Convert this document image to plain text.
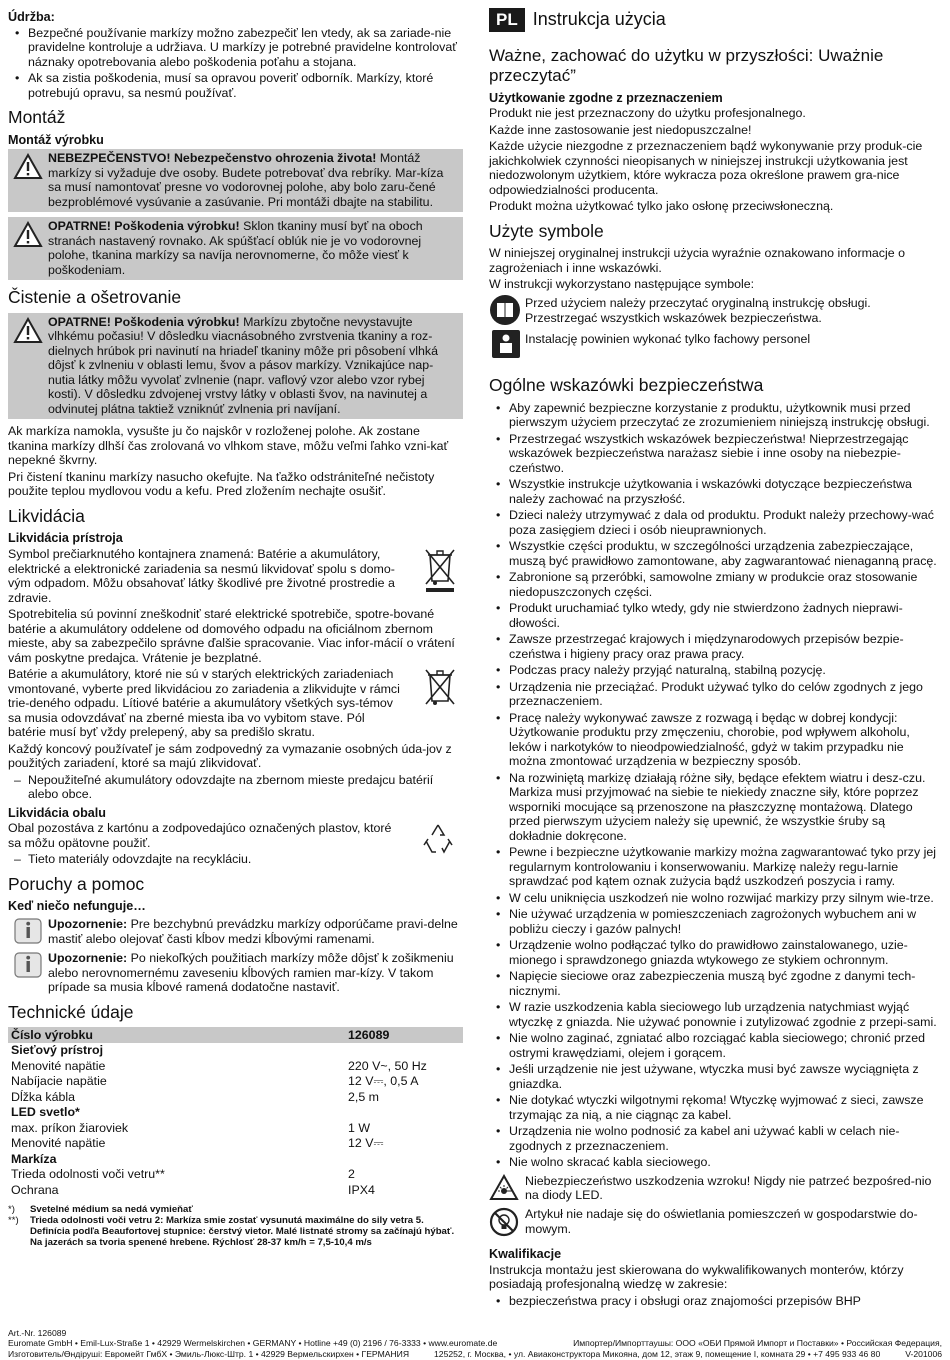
Údržba:
• Bezpečné používanie markízy možno zabezpečiť len vtedy, ak sa zariade-nie pravidelne kontroluje a udržiava. U markízy je potrebné pravidelne kontrolovať náznaky opotrebovania alebo poškodenia poťahu a stojana.
• Ak sa zistia poškodenia, musí sa opravou poveriť odborník. Markízy, ktoré potrebujú opravu, sa nesmú používať.
Montáž
Montáž výrobku
NEBEZPEČENSTVO! Nebezpečenstvo ohrozenia života! Montáž markízy si vyžaduje dve osoby. Budete potrebovať dva rebríky. Mar-kíza sa musí namontovať presne vo vodorovnej polohe, aby bolo zaru-čené bezproblémové vysúvanie a zasúvanie. Pri montáži dbajte na stabilitu.
OPATRNE! Poškodenia výrobku! Sklon tkaniny musí byť na oboch stranách nastavený rovnako. Ak spúšťací oblúk nie je vo vodorovnej polohe, tkanina markízy sa navíja nerovnomerne, čo môže viesť k poškodeniam.
Čistenie a ošetrovanie
OPATRNE! Poškodenia výrobku! Markízu zbytočne nevystavujte vlhkému počasiu! V dôsledku viacnásobného zvrstvenia tkaniny a roz-dielnych hrúbok pri navinutí na hriadeľ tkaniny môže pri pôsobení vlhká dôjsť k zvlneniu v oblasti lemu, švov a pásov markízy. Vznikajúce nap-nutia látky môžu vyvolať zvlnenie (napr. vaflový vzor alebo vzor rybej kosti). V dôsledku zdvojenej vrstvy látky v oblasti švov, na navinutej a odvinutej plátna taktiež vzniknúť zvlnenia pri navíjaní.

Ak markíza namokla, vysušte ju čo najskôr v rozloženej polohe. Ak zostane tkanina markízy dlhší čas zrolovaná vo vlhkom stave, môžu veľmi ľahko vzni-kať nepekné škvrny.

Pri čistení tkaninu markízy nasucho okefujte. Na ťažko odstrániteľné nečistoty použite teplou mydlovou vodu a kefu. Pred zložením nechajte osušiť.

Likvidácia
Likvidácia prístroja

Symbol prečiarknutého kontajnera znamená: Batérie a akumulátory, elektrické a elektronické zariadenia sa nesmú likvidovať spolu s domo-vým odpadom. Môžu obsahovať látky škodlivé pre životné prostredie a zdravie.

Spotrebitelia sú povinní zneškodniť staré elektrické spotrebiče, spotre-bované batérie a akumulátory oddelene od domového odpadu na oficiálnom zbernom mieste, aby sa zabezpečilo správne ďalšie spracovanie. Viac infor-mácií o vrátení vám poskytne predajca. Vrátenie je bezplatné.

Batérie a akumulátory, ktoré nie sú v starých elektrických zariadeniach vmontované, vyberte pred likvidáciou zo zariadenia a zlikvidujte v rámci trie-deného odpadu. Lítiové batérie a akumulátory všetkých sys-témov sa musia odovzdávať na zberné miesta iba vo vybitom stave. Pól batérie musí byť vždy prelepený, aby sa predišlo skratu.

Každý koncový používateľ je sám zodpovedný za vymazanie osobných úda-jov z použitých zariadení, ktoré sa majú zlikvidovať.

– Nepoužiteľné akumulátory odovzdajte na zbernom mieste predajcu batérií alebo obce.
Likvidácia obalu

Obal pozostáva z kartónu a zodpovedajúco označených plastov, ktoré sa môžu opätovne použiť.

– Tieto materiály odovzdajte na recykláciu.
Poruchy a pomoc
Keď niečo nefunguje…
Upozornenie: Pre bezchybnú prevádzku markízy odporúčame pravi-delne mastiť alebo olejovať časti kĺbov medzi kĺbovými ramenami.
Upozornenie: Po niekoľkých použitiach markízy môže dôjsť k zošikmeniu alebo nerovnomernému zaveseniu kĺbových ramien mar-kízy. V takom prípade sa musia kĺbové ramená dodatočne nastaviť.
Technické údaje
Číslo výrobku	126089
Sieťový prístroj	
Menovité napätie	220 V~, 50 Hz
Nabíjacie napätie	12 V⎓, 0,5 A
Dĺžka kábla	2,5 m
LED svetlo*	
max. príkon žiaroviek	1 W
Menovité napätie	12 V⎓
Markíza	
Trieda odolnosti voči vetru**	2
Ochrana	IPX4
*)	Svetelné médium sa nedá vymieňať
**)	Trieda odolnosti voči vetru 2: Markíza smie zostať vysunutá maximálne do sily vetra 5. Definícia podľa Beaufortovej stupnice: čerstvý vietor. Malé listnaté stromy sa začínajú hýbať. Na jazerách sa tvoria spenené hrebene. Rýchlosť 28-37 km/h = 7,5-10,4 m/s
PL Instrukcja użycia
Ważne, zachować do użytku w przyszłości: Uważnie przeczytać”
Użytkowanie zgodne z przeznaczeniem

Produkt nie jest przeznaczony do użytku profesjonalnego.

Każde inne zastosowanie jest niedopuszczalne!

Każde użycie niezgodne z przeznaczeniem bądź wykonywanie przy produk-cie jakichkolwiek czynności nieopisanych w niniejszej instrukcji użytkowania jest niedozwolonym użytkiem, które wykracza poza określone prawem gra-nice odpowiedzialności producenta.

Produkt można użytkować tylko jako osłonę przeciwsłoneczną.

Użyte symbole

W niniejszej oryginalnej instrukcji użycia wyraźnie oznakowano informacje o zagrożeniach i inne wskazówki.

W instrukcji wykorzystano następujące symbole:

Przed użyciem należy przeczytać oryginalną instrukcję obsługi.
Przestrzegać wszystkich wskazówek bezpieczeństwa.
Instalację powinien wykonać tylko fachowy personel
Ogólne wskazówki bezpieczeństwa
• Aby zapewnić bezpieczne korzystanie z produktu, użytkownik musi przed pierwszym użyciem przeczytać ze zrozumieniem niniejszą instrukcję obsługi.
• Przestrzegać wszystkich wskazówek bezpieczeństwa! Nieprzestrzegając wskazówek bezpieczeństwa narażasz siebie i inne osoby na niebezpie-czeństwo.
• Wszystkie instrukcje użytkowania i wskazówki dotyczące bezpieczeństwa należy zachować na przyszłość.
• Dzieci należy utrzymywać z dala od produktu. Produkt należy przechowy-wać poza zasięgiem dzieci i osób nieuprawnionych.
• Wszystkie części produktu, w szczególności urządzenia zabezpieczające, muszą być prawidłowo zamontowane, aby zagwarantować nienaganną pracę.
• Zabronione są przeróbki, samowolne zmiany w produkcie oraz stosowanie niedopuszczonych części.
• Produkt uruchamiać tylko wtedy, gdy nie stwierdzono żadnych nieprawi-dłowości.
• Zawsze przestrzegać krajowych i międzynarodowych przepisów bezpie-czeństwa i higieny pracy oraz prawa pracy.
• Podczas pracy należy przyjąć naturalną, stabilną pozycję.
• Urządzenia nie przeciążać. Produkt używać tylko do celów zgodnych z jego przeznaczeniem.
• Pracę należy wykonywać zawsze z rozwagą i będąc w dobrej kondycji: Użytkowanie produktu przy zmęczeniu, chorobie, pod wpływem alkoholu, leków i narkotyków to nieodpowiedzialność, gdyż w takim przypadku nie można zmontować urządzenia w bezpieczny sposób.
• Na rozwiniętą markizę działają różne siły, będące efektem wiatru i desz-czu. Markiza musi przyjmować na siebie te niekiedy znaczne siły, które poprzez wsporniki mocujące są przenoszone na płaszczyznę montażową. Dlatego przed pierwszym użyciem należy się upewnić, że wszystkie śruby są dokładnie dokręcone.
• Pewne i bezpieczne użytkowanie markizy można zagwarantować tyko przy jej regularnym kontrolowaniu i konserwowaniu. Markizę należy regu-larnie sprawdzać pod kątem oznak zużycia bądź uszkodzeń poszycia i ramy.
• W celu uniknięcia uszkodzeń nie wolno rozwijać markizy przy silnym wie-trze.
• Nie używać urządzenia w pomieszczeniach zagrożonych wybuchem ani w pobliżu cieczy i gazów palnych!
• Urządzenie wolno podłączać tylko do prawidłowo zainstalowanego, uzie-mionego i sprawdzonego gniazda wtykowego ze stykiem ochronnym.
• Napięcie sieciowe oraz zabezpieczenia muszą być zgodne z danymi tech-nicznymi.
• W razie uszkodzenia kabla sieciowego lub urządzenia natychmiast wyjąć wtyczkę z gniazda. Nie używać ponownie i zutylizować zgodnie z przepi-sami.
• Nie wolno zaginać, zgniatać albo rozciągać kabla sieciowego; chronić przed ostrymi krawędziami, olejem i gorącem.
• Jeśli urządzenie nie jest używane, wtyczka musi być zawsze wyciągnięta z gniazdka.
• Nie dotykać wtyczki wilgotnymi rękoma! Wtyczkę wyjmować z sieci, zawsze trzymając za nią, a nie ciągnąc za kabel.
• Urządzenia nie wolno podnosić za kabel ani używać kabli w celach nie-zgodnych z przeznaczeniem.
• Nie wolno skracać kabla sieciowego.
Niebezpieczeństwo uszkodzenia wzroku! Nigdy nie patrzeć bezpośred-nio na diody LED.
Artykuł nie nadaje się do oświetlania pomieszczeń w gospodarstwie do-mowym.
Kwalifikacje

Instrukcja montażu jest skierowana do wykwalifikowanych monterów, którzy posiadają profesjonalną wiedzę w zakresie:

• bezpieczeństwa pracy i obsługi oraz znajomości przepisów BHP
Art.-Nr. 126089
Euromate GmbH • Emil-Lux-Straße 1 • 42929 Wermelskirchen • GERMANY • Hotline +49 (0) 2196 / 76-3333 • www.euromate.de	Импортер/Импорттаушы: ООО «ОБИ Прямой Импорт и Поставки» • Российская Федерация,
Изготовитель/Өндіруші: Евромейт ГмбХ • Эмиль-Люкс-Штр. 1 • 42929 Вермельскирхен • ГЕРМАНИЯ	125252, г. Москва, • ул. Авиаконструктора Микояна, дом 12, этаж 9, помещение I, комната 29 • +7 495 933 46 80	V-201006
